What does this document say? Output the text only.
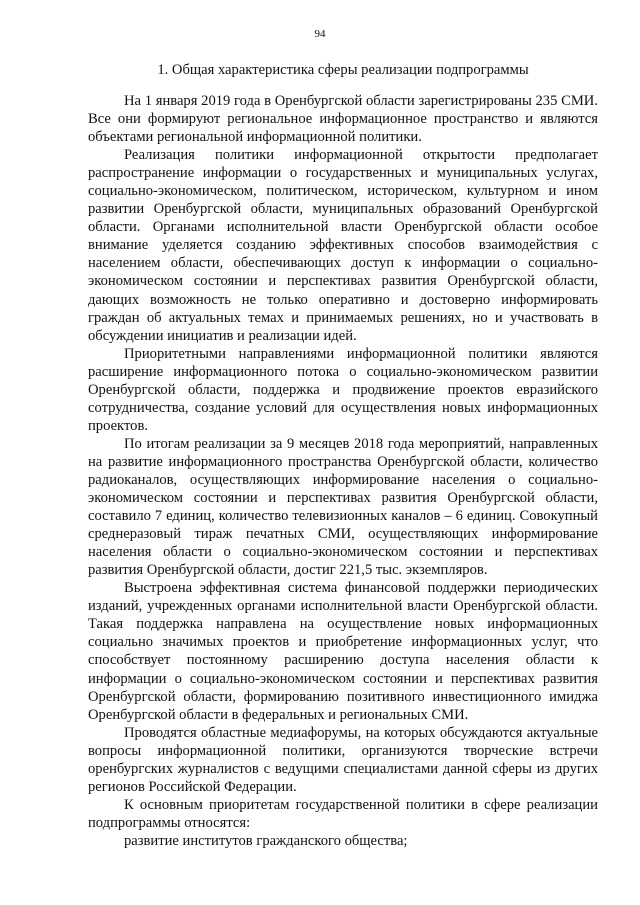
94
1. Общая характеристика сферы реализации подпрограммы

На 1 января 2019 года в Оренбургской области зарегистрированы 235 СМИ. Все они формируют региональное информационное пространство и являются объектами региональной информационной политики.

Реализация политики информационной открытости предполагает распространение информации о государственных и муниципальных услугах, социально-экономическом, политическом, историческом, культурном и ином развитии Оренбургской области, муниципальных образований Оренбургской области. Органами исполнительной власти Оренбургской области особое внимание уделяется созданию эффективных способов взаимодействия с населением области, обеспечивающих доступ к информации о социально-экономическом состоянии и перспективах развития Оренбургской области, дающих возможность не только оперативно и достоверно информировать граждан об актуальных темах и принимаемых решениях, но и участвовать в обсуждении инициатив и реализации идей.

Приоритетными направлениями информационной политики являются расширение информационного потока о социально-экономическом развитии Оренбургской области, поддержка и продвижение проектов евразийского сотрудничества, создание условий для осуществления новых информационных проектов.

По итогам реализации за 9 месяцев 2018 года мероприятий, направленных на развитие информационного пространства Оренбургской области, количество радиоканалов, осуществляющих информирование населения о социально-экономическом состоянии и перспективах развития Оренбургской области, составило 7 единиц, количество телевизионных каналов – 6 единиц. Совокупный среднеразовый тираж печатных СМИ, осуществляющих информирование населения области о социально-экономическом состоянии и перспективах развития Оренбургской области, достиг 221,5 тыс. экземпляров.

Выстроена эффективная система финансовой поддержки периодических изданий, учрежденных органами исполнительной власти Оренбургской области. Такая поддержка направлена на осуществление новых информационных социально значимых проектов и приобретение информационных услуг, что способствует постоянному расширению доступа населения области к информации о социально-экономическом состоянии и перспективах развития Оренбургской области, формированию позитивного инвестиционного имиджа Оренбургской области в федеральных и региональных СМИ.

Проводятся областные медиафорумы, на которых обсуждаются актуальные вопросы информационной политики, организуются творческие встречи оренбургских журналистов с ведущими специалистами данной сферы из других регионов Российской Федерации.

К основным приоритетам государственной политики в сфере реализации подпрограммы относятся:

развитие институтов гражданского общества;
